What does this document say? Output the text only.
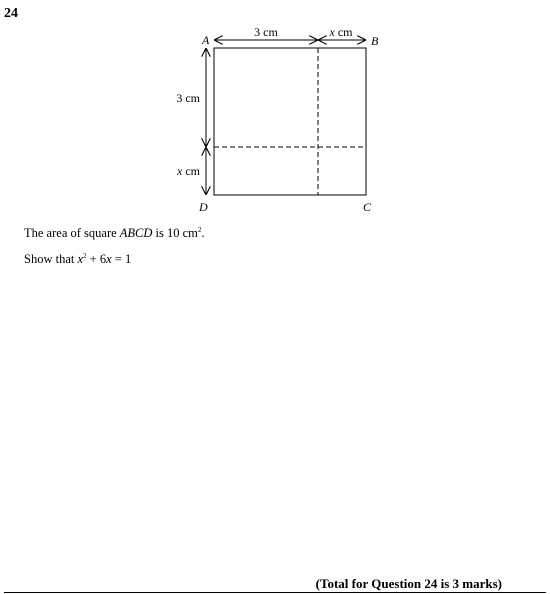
24
3 cm	x cm
3 cm
x cm
A	B
C
D
The area of square ABCD is 10 $cm^2$.
Show that $x^2 + 6x = 1$
(Total for Question 24 is 3 marks)
